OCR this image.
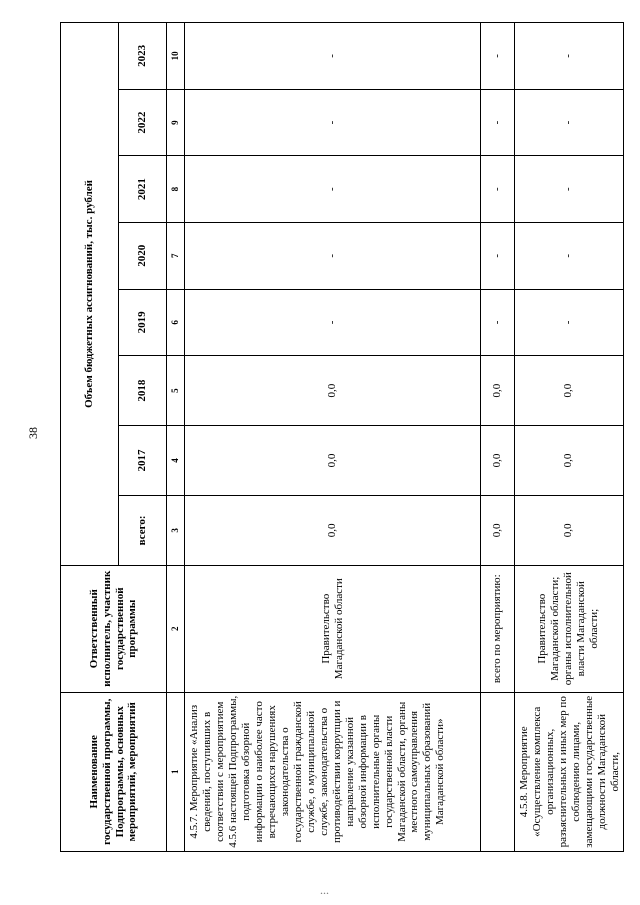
38
Наименование государственной программы, Подпрограммы, основных мероприятий, мероприятий	Ответственный исполнитель, участник государственной программы	Объем бюджетных ассигнований, тыс. рублей							
		всего:	2017	2018	2019	2020	2021	2022	2023
1	2	3	4	5	6	7	8	9	10
4.5.7. Мероприятие «Анализ сведений, поступивших в соответствии с мероприятием 4.5.6 настоящей Подпрограммы, подготовка обзорной информации о наиболее часто встречающихся нарушениях законодательства о государственной гражданской службе, о муниципальной службе, законодательства о противодействии коррупции и направление указанной обзорной информации в исполнительные органы государственной власти Магаданской области, органы местного самоуправления муниципальных образований Магаданской области»	Правительство Магаданской области	0,0	0,0	0,0	-	-	-	-	-
	всего по мероприятию:	0,0	0,0	0,0	-	-	-	-	-
4.5.8. Мероприятие «Осуществление комплекса организационных, разъяснительных и иных мер по соблюдению лицами, замещающими государственные должности Магаданской области,	Правительство Магаданской области; органы исполнительной власти Магаданской области;	0,0	0,0	0,0	-	-	-	-	-
...
